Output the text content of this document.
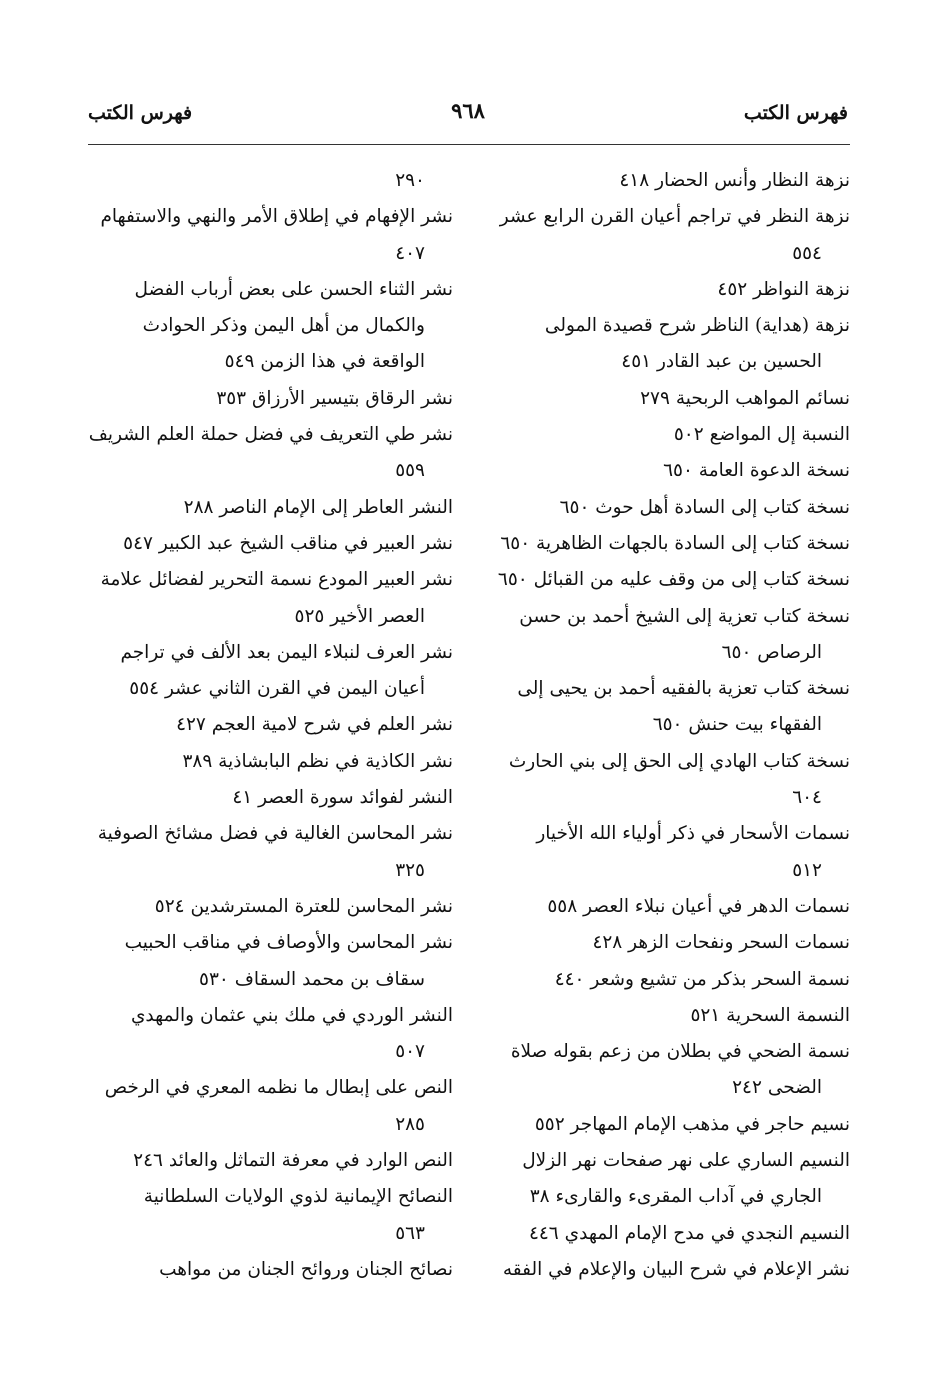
فهرس الكتب
٩٦٨
فهرس الكتب
نزهة النظار وأنس الحضار ٤١٨
نزهة النظر في تراجم أعيان القرن الرابع عشر
٥٥٤
نزهة النواظر ٤٥٢
نزهة (هداية) الناظر شرح قصيدة المولى
الحسين بن عبد القادر ٤٥١
نسائم المواهب الربحية ٢٧٩
النسبة إل المواضع ٥٠٢
نسخة الدعوة العامة ٦٥٠
نسخة كتاب إلى السادة أهل حوث ٦٥٠
نسخة كتاب إلى السادة بالجهات الظاهرية ٦٥٠
نسخة كتاب إلى من وقف عليه من القبائل ٦٥٠
نسخة كتاب تعزية إلى الشيخ أحمد بن حسن
الرصاص ٦٥٠
نسخة كتاب تعزية بالفقيه أحمد بن يحيى إلى
الفقهاء بيت حنش ٦٥٠
نسخة كتاب الهادي إلى الحق إلى بني الحارث
٦٠٤
نسمات الأسحار في ذكر أولياء الله الأخيار
٥١٢
نسمات الدهر في أعيان نبلاء العصر ٥٥٨
نسمات السحر ونفحات الزهر ٤٢٨
نسمة السحر بذكر من تشيع وشعر ٤٤٠
النسمة السحرية ٥٢١
نسمة الضحي في بطلان من زعم بقوله صلاة
الضحى ٢٤٢
نسيم حاجر في مذهب الإمام المهاجر ٥٥٢
النسيم الساري على نهر صفحات نهر الزلال
الجاري في آداب المقرىء والقارىء ٣٨
النسيم النجدي في مدح الإمام المهدي ٤٤٦
نشر الإعلام في شرح البيان والإعلام في الفقه
٢٩٠
نشر الإفهام في إطلاق الأمر والنهي والاستفهام
٤٠٧
نشر الثناء الحسن على بعض أرباب الفضل
والكمال من أهل اليمن وذكر الحوادث
الواقعة في هذا الزمن ٥٤٩
نشر الرقاق بتيسير الأرزاق ٣٥٣
نشر طي التعريف في فضل حملة العلم الشريف
٥٥٩
النشر العاطر إلى الإمام الناصر ٢٨٨
نشر العبير في مناقب الشيخ عبد الكبير ٥٤٧
نشر العبير المودع نسمة التحرير لفضائل علامة
العصر الأخير ٥٢٥
نشر العرف لنبلاء اليمن بعد الألف في تراجم
أعيان اليمن في القرن الثاني عشر ٥٥٤
نشر العلم في شرح لامية العجم ٤٢٧
نشر الكاذية في نظم البابشاذية ٣٨٩
النشر لفوائد سورة العصر ٤١
نشر المحاسن الغالية في فضل مشائخ الصوفية
٣٢٥
نشر المحاسن للعترة المسترشدين ٥٢٤
نشر المحاسن والأوصاف في مناقب الحبيب
سقاف بن محمد السقاف ٥٣٠
النشر الوردي في ملك بني عثمان والمهدي
٥٠٧
النص على إبطال ما نظمه المعري في الرخص
٢٨٥
النص الوارد في معرفة التماثل والعائد ٢٤٦
النصائح الإيمانية لذوي الولايات السلطانية
٥٦٣
نصائح الجنان وروائح الجنان من مواهب
